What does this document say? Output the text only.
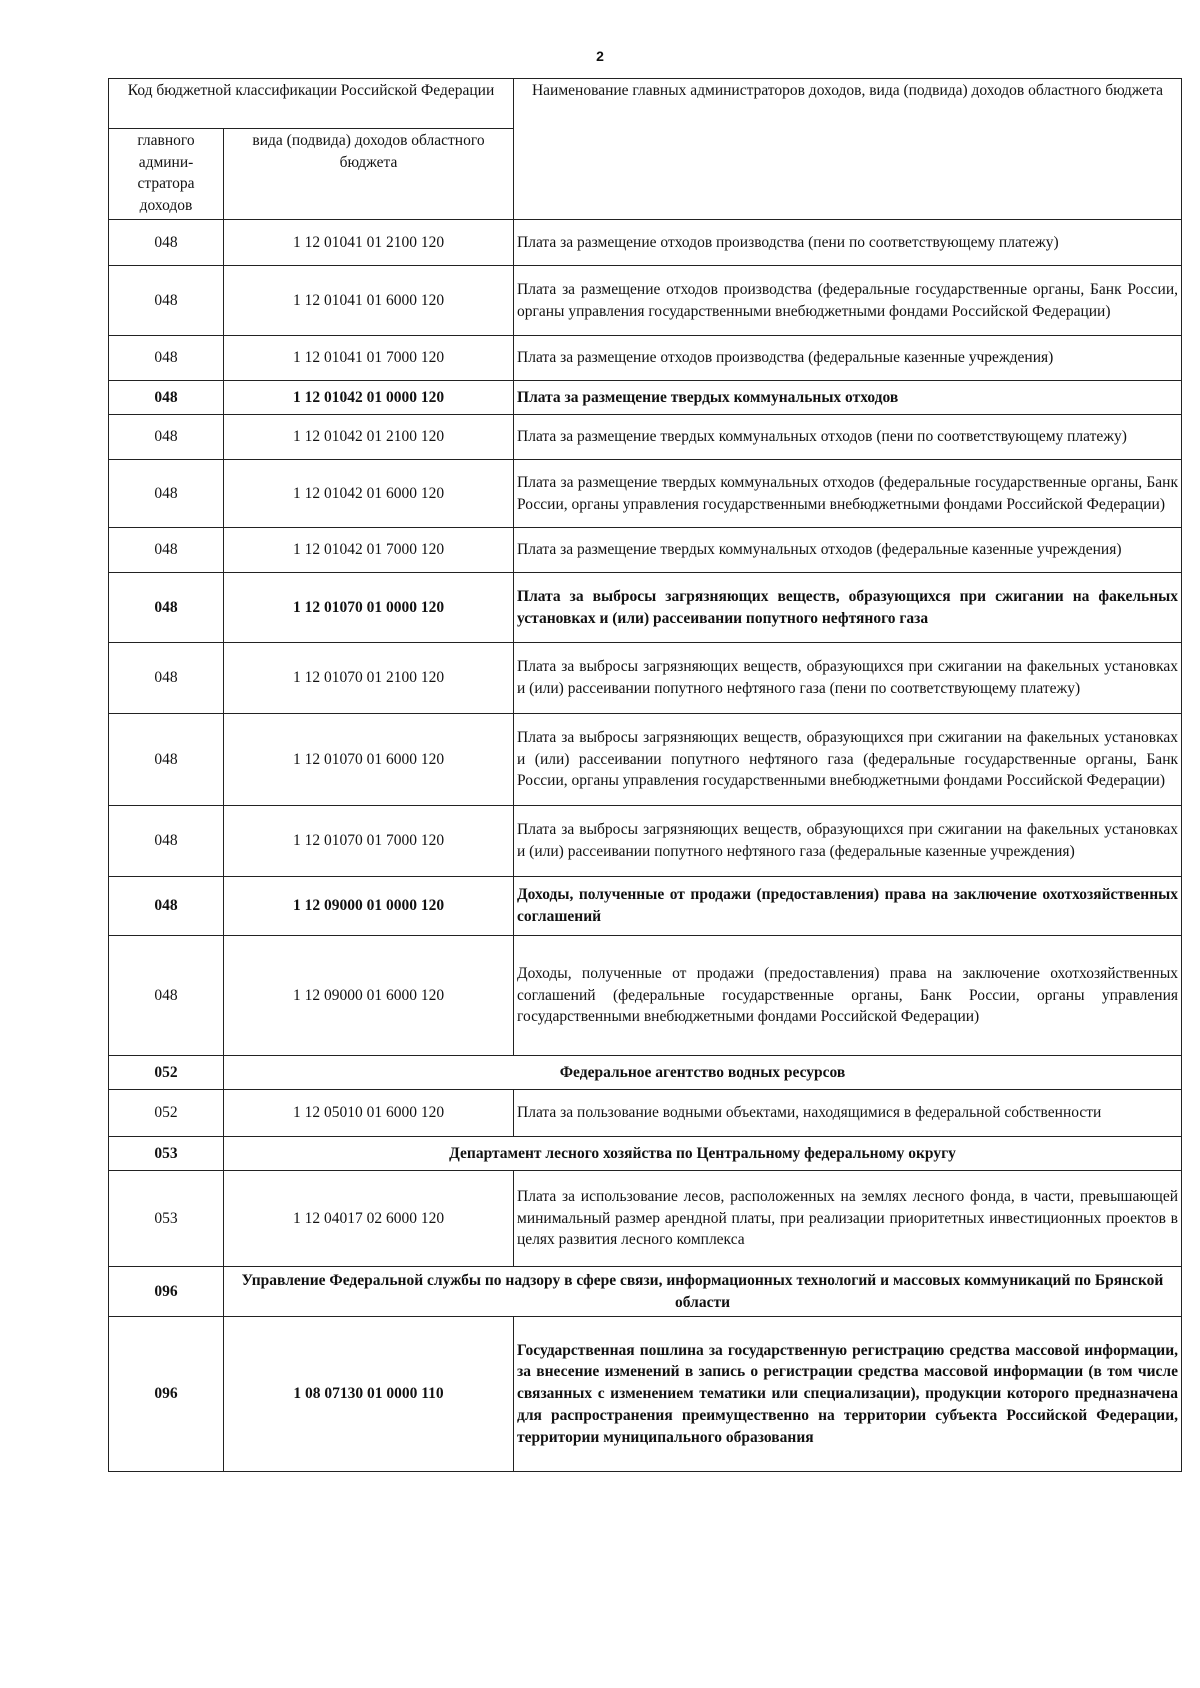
2
Код бюджетной классификации Российской Федерации		Наименование главных администраторов доходов, вида (подвида) доходов областного бюджета
главного админи-стратора доходов	вида (подвида) доходов областного бюджета	
048	1 12 01041 01 2100 120	Плата за размещение отходов производства (пени по соответствующему платежу)
048	1 12 01041 01 6000 120	Плата за размещение отходов производства (федеральные государственные органы, Банк России, органы управления государственными внебюджетными фондами Российской Федерации)
048	1 12 01041 01 7000 120	Плата за размещение отходов производства (федеральные казенные учреждения)
048	1 12 01042 01 0000 120	Плата за размещение твердых коммунальных отходов
048	1 12 01042 01 2100 120	Плата за размещение твердых коммунальных отходов (пени по соответствующему платежу)
048	1 12 01042 01 6000 120	Плата за размещение твердых коммунальных отходов (федеральные государственные органы, Банк России, органы управления государственными внебюджетными фондами Российской Федерации)
048	1 12 01042 01 7000 120	Плата за размещение твердых коммунальных отходов (федеральные казенные учреждения)
048	1 12 01070 01 0000 120	Плата за выбросы загрязняющих веществ, образующихся при сжигании на факельных установках и (или) рассеивании попутного нефтяного газа
048	1 12 01070 01 2100 120	Плата за выбросы загрязняющих веществ, образующихся при сжигании на факельных установках и (или) рассеивании попутного нефтяного газа (пени по соответствующему платежу)
048	1 12 01070 01 6000 120	Плата за выбросы загрязняющих веществ, образующихся при сжигании на факельных установках и (или) рассеивании попутного нефтяного газа (федеральные государственные органы, Банк России, органы управления государственными внебюджетными фондами Российской Федерации)
048	1 12 01070 01 7000 120	Плата за выбросы загрязняющих веществ, образующихся при сжигании на факельных установках и (или) рассеивании попутного нефтяного газа (федеральные казенные учреждения)
048	1 12 09000 01 0000 120	Доходы, полученные от продажи (предоставления) права на заключение охотхозяйственных соглашений
048	1 12 09000 01 6000 120	Доходы, полученные от продажи (предоставления) права на заключение охотхозяйственных соглашений (федеральные государственные органы, Банк России, органы управления государственными внебюджетными фондами Российской Федерации)
052	Федеральное агентство водных ресурсов	
052	1 12 05010 01 6000 120	Плата за пользование водными объектами, находящимися в федеральной собственности
053	Департамент лесного хозяйства по Центральному федеральному округу	
053	1 12 04017 02 6000 120	Плата за использование лесов, расположенных на землях лесного фонда, в части, превышающей минимальный размер арендной платы, при реализации приоритетных инвестиционных проектов в целях развития лесного комплекса
096	Управление Федеральной службы по надзору в сфере связи, информационных технологий и массовых коммуникаций по Брянской области	
096	1 08 07130 01 0000 110	Государственная пошлина за государственную регистрацию средства массовой информации, за внесение изменений в запись о регистрации средства массовой информации (в том числе связанных с изменением тематики или специализации), продукции которого предназначена для распространения преимущественно на территории субъекта Российской Федерации, территории муниципального образования
